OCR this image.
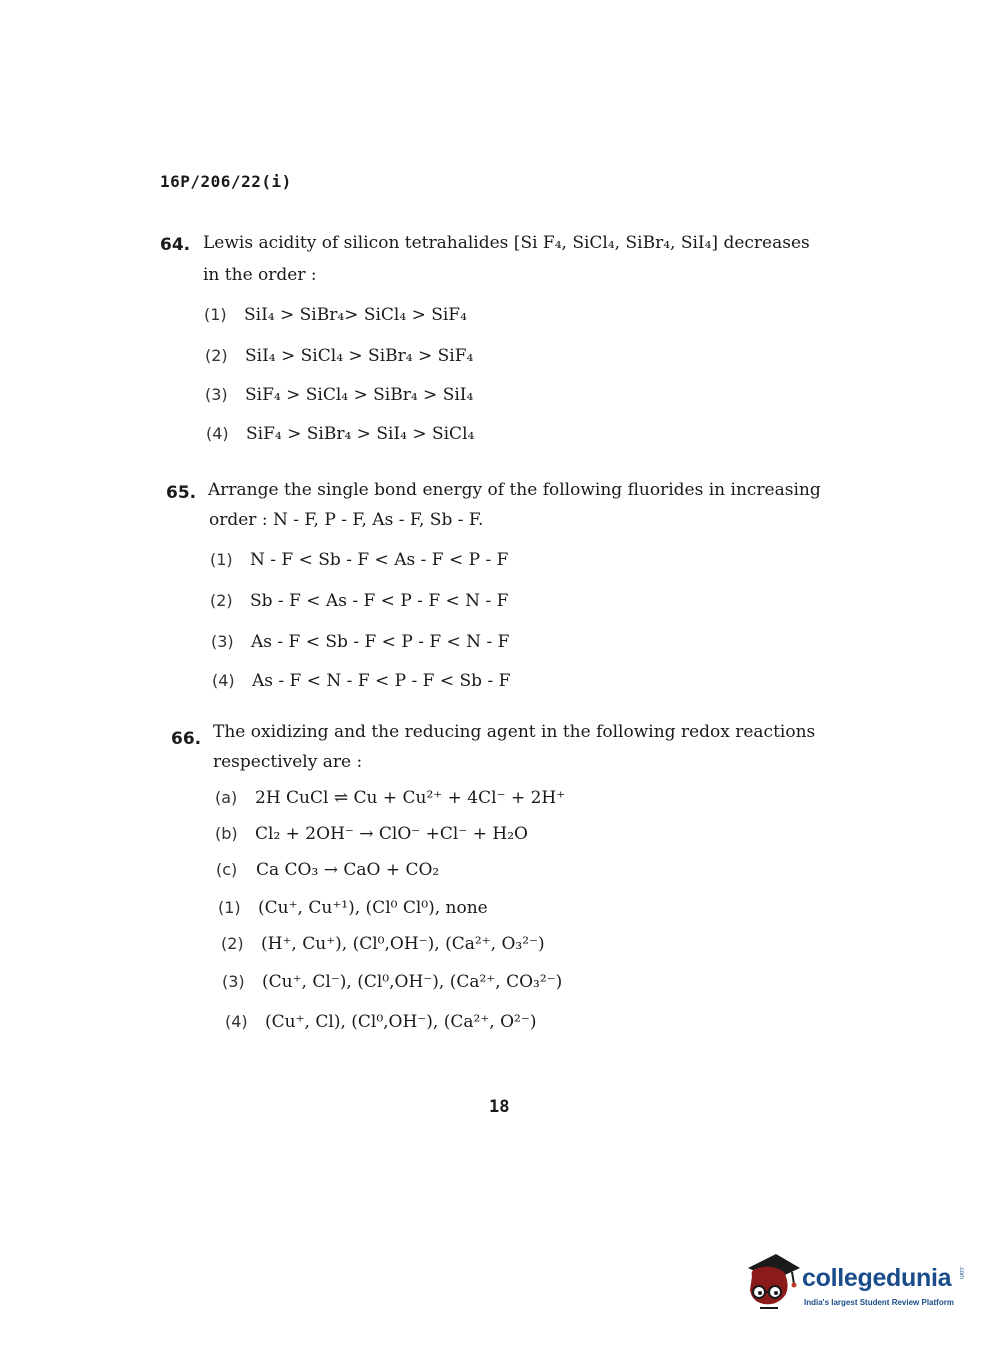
16P/206/22(i)
64. Lewis acidity of silicon tetrahalides [Si F₄, SiCl₄, SiBr₄, SiI₄] decreases
in the order :
(1) SiI₄ > SiBr₄> SiCl₄ > SiF₄
(2) SiI₄ > SiCl₄ > SiBr₄ > SiF₄
(3) SiF₄ > SiCl₄ > SiBr₄ > SiI₄
(4) SiF₄ > SiBr₄ > SiI₄ > SiCl₄
65. Arrange the single bond energy of the following fluorides in increasing
order : N - F, P - F, As - F, Sb - F.
(1) N - F < Sb - F < As - F < P - F
(2) Sb - F < As - F < P - F < N - F
(3) As - F < Sb - F < P - F < N - F
(4) As - F < N - F < P - F < Sb - F
66. The oxidizing and the reducing agent in the following redox reactions
respectively are :
(a) 2H CuCl ⇌ Cu + Cu²⁺ + 4Cl⁻ + 2H⁺
(b) Cl₂ + 2OH⁻ → ClO⁻ +Cl⁻ + H₂O
(c) Ca CO₃ → CaO + CO₂
(1) (Cu⁺, Cu⁺¹), (Cl⁰ Cl⁰), none
(2) (H⁺, Cu⁺), (Cl⁰,OH⁻), (Ca²⁺, O₃²⁻)
(3) (Cu⁺, Cl⁻), (Cl⁰,OH⁻), (Ca²⁺, CO₃²⁻)
(4) (Cu⁺, Cl), (Cl⁰,OH⁻), (Ca²⁺, O²⁻)
18
collegedunia .com
India's largest Student Review Platform
